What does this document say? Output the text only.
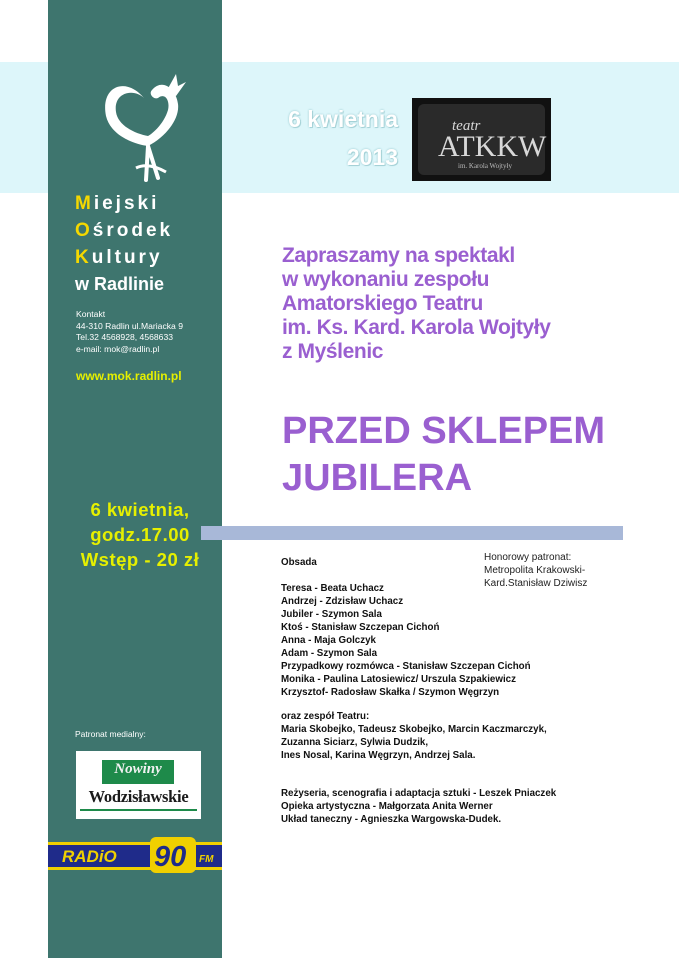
Miejski
Ośrodek
Kultury
w Radlinie
Kontakt
44-310 Radlin ul.Mariacka 9
Tel.32 4568928, 4568633
e-mail: mok@radlin.pl
www.mok.radlin.pl
6 kwietnia,
godz.17.00
Wstęp - 20 zł
Patronat medialny:
Nowiny
Wodzisławskie
RADiO 90 FM
6 kwietnia
2013
teatr
ATKKW
im. Karola Wojtyły
Zapraszamy na spektakl
w wykonaniu zespołu
Amatorskiego Teatru
im. Ks. Kard. Karola Wojtyły
z Myślenic
PRZED SKLEPEM
JUBILERA
Honorowy patronat:
Metropolita Krakowski-
Kard.Stanisław Dziwisz
Obsada
Teresa - Beata Uchacz
Andrzej - Zdzisław Uchacz
Jubiler - Szymon Sala
Ktoś - Stanisław Szczepan Cichoń
Anna - Maja Golczyk
Adam - Szymon Sala
Przypadkowy rozmówca - Stanisław Szczepan Cichoń
Monika - Paulina Latosiewicz/ Urszula Szpakiewicz
Krzysztof- Radosław Skałka / Szymon Węgrzyn
oraz zespół Teatru:
Maria Skobejko, Tadeusz Skobejko, Marcin Kaczmarczyk,
Zuzanna Siciarz, Sylwia Dudzik,
Ines Nosal, Karina Węgrzyn, Andrzej Sala.
Reżyseria, scenografia i adaptacja sztuki - Leszek Pniaczek
Opieka artystyczna - Małgorzata Anita Werner
Układ taneczny - Agnieszka Wargowska-Dudek.
